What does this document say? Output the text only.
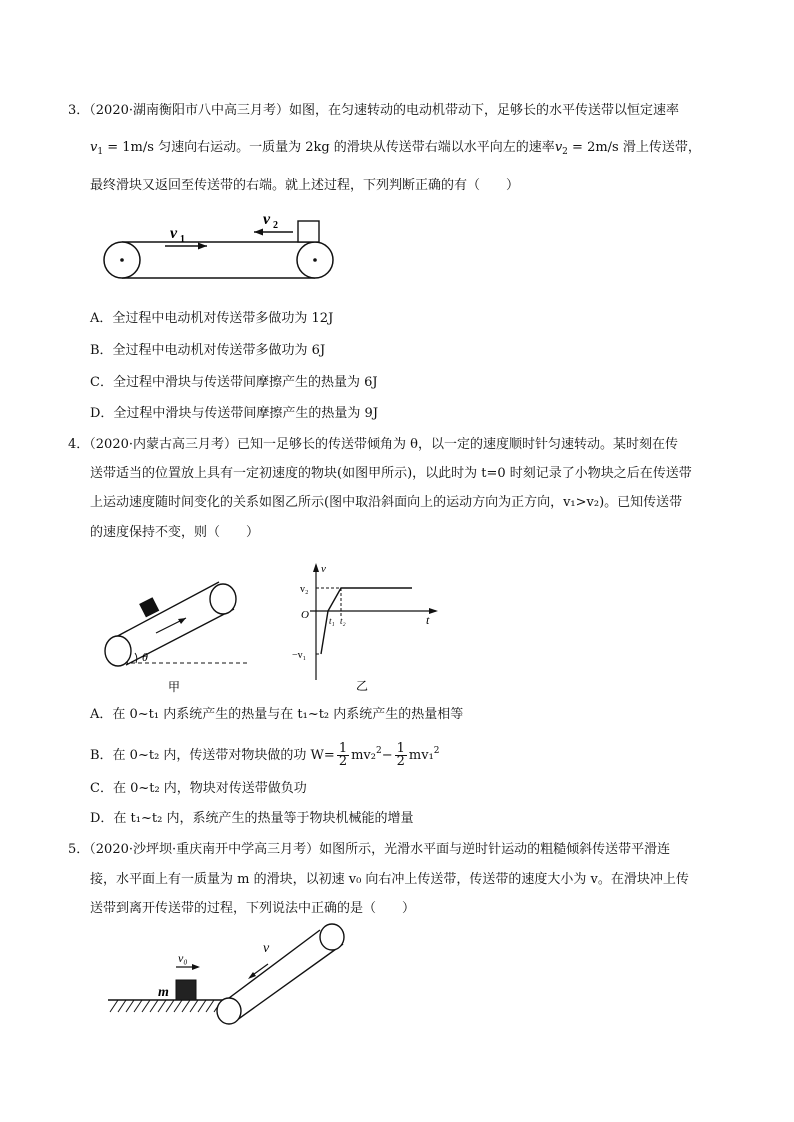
3．（2020·湖南衡阳市八中高三月考）如图，在匀速转动的电动机带动下，足够长的水平传送带以恒定速率
$v_1 = 1m/s$ 匀速向右运动。一质量为 2kg 的滑块从传送带右端以水平向左的速率$v_2 = 2m/s$ 滑上传送带，
最终滑块又返回至传送带的右端。就上述过程，下列判断正确的有（　　）
v 1
v 2
A．全过程中电动机对传送带多做功为 12J
B．全过程中电动机对传送带多做功为 6J
C．全过程中滑块与传送带间摩擦产生的热量为 6J
D．全过程中滑块与传送带间摩擦产生的热量为 9J
4．（2020·内蒙古高三月考）已知一足够长的传送带倾角为 θ，以一定的速度顺时针匀速转动。某时刻在传
送带适当的位置放上具有一定初速度的物块(如图甲所示)，以此时为 t=0 时刻记录了小物块之后在传送带
上运动速度随时间变化的关系如图乙所示(图中取沿斜面向上的运动方向为正方向，v₁>v₂)。已知传送带
的速度保持不变，则（　　）
θ
甲
v
t
O
v₂
−v₁
t₁ t₂
乙
A．在 0~t₁ 内系统产生的热量与在 t₁~t₂ 内系统产生的热量相等
B．在 0~t₂ 内，传送带对物块做的功 $W= \frac{1}{2} mv_2^2- \frac{1}{2} mv_1^2$
C．在 0~t₂ 内，物块对传送带做负功
D．在 t₁~t₂ 内，系统产生的热量等于物块机械能的增量
5．（2020·沙坪坝·重庆南开中学高三月考）如图所示，光滑水平面与逆时针运动的粗糙倾斜传送带平滑连
接，水平面上有一质量为 m 的滑块，以初速 v₀ 向右冲上传送带，传送带的速度大小为 v。在滑块冲上传
送带到离开传送带的过程，下列说法中正确的是（　　）
v₀
m
v
